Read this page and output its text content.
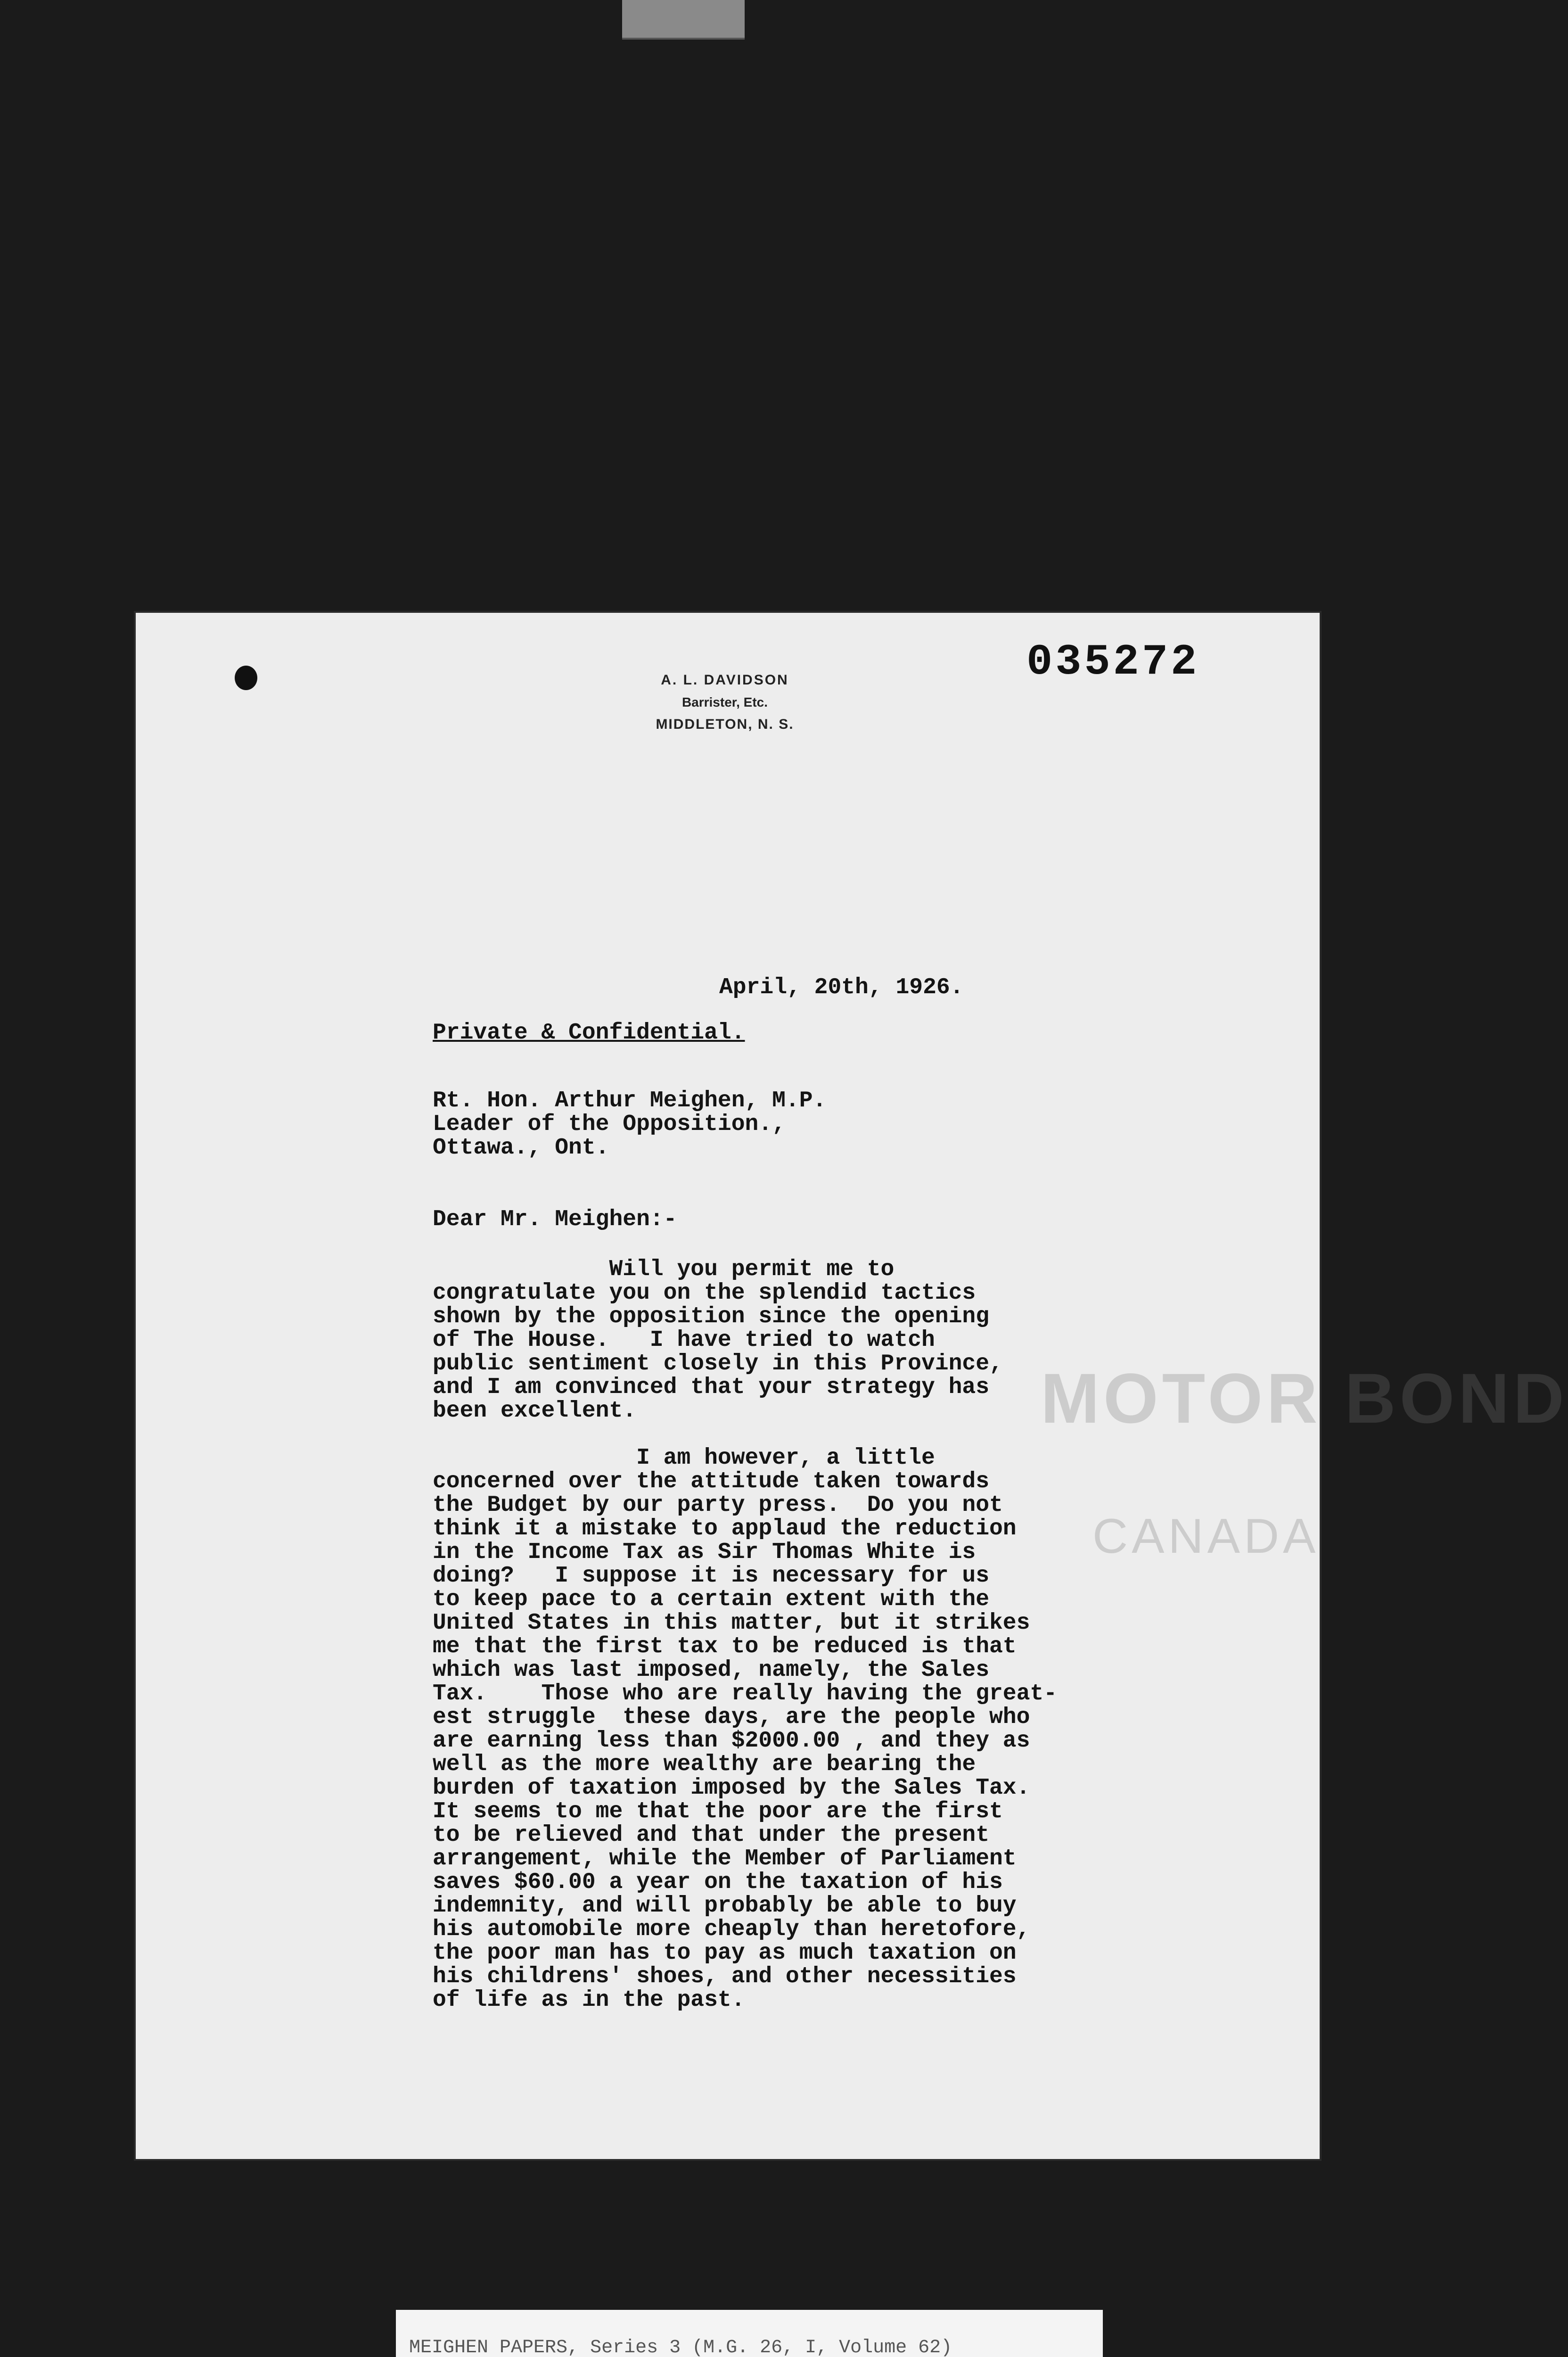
035272
A. L. DAVIDSON
Barrister, Etc.
MIDDLETON, N. S.
MOTOR BOND
CANADA
April, 20th, 1926.
Private & Confidential.
Rt. Hon. Arthur Meighen, M.P.
Leader of the Opposition.,
Ottawa., Ont.
Dear Mr. Meighen:-
Will you permit me to
congratulate you on the splendid tactics
shown by the opposition since the opening
of The House.   I have tried to watch
public sentiment closely in this Province,
and I am convinced that your strategy has
been excellent.

I am however, a little
concerned over the attitude taken towards
the Budget by our party press.  Do you not
think it a mistake to applaud the reduction
in the Income Tax as Sir Thomas White is
doing?   I suppose it is necessary for us
to keep pace to a certain extent with the
United States in this matter, but it strikes
me that the first tax to be reduced is that
which was last imposed, namely, the Sales
Tax.    Those who are really having the great-
est struggle  these days, are the people who
are earning less than $2000.00 , and they as
well as the more wealthy are bearing the
burden of taxation imposed by the Sales Tax.
It seems to me that the poor are the first
to be relieved and that under the present
arrangement, while the Member of Parliament
saves $60.00 a year on the taxation of his
indemnity, and will probably be able to buy
his automobile more cheaply than heretofore,
the poor man has to pay as much taxation on
his childrens' shoes, and other necessities
of life as in the past.
MEIGHEN PAPERS, Series 3 (M.G. 26, I, Volume 62)
